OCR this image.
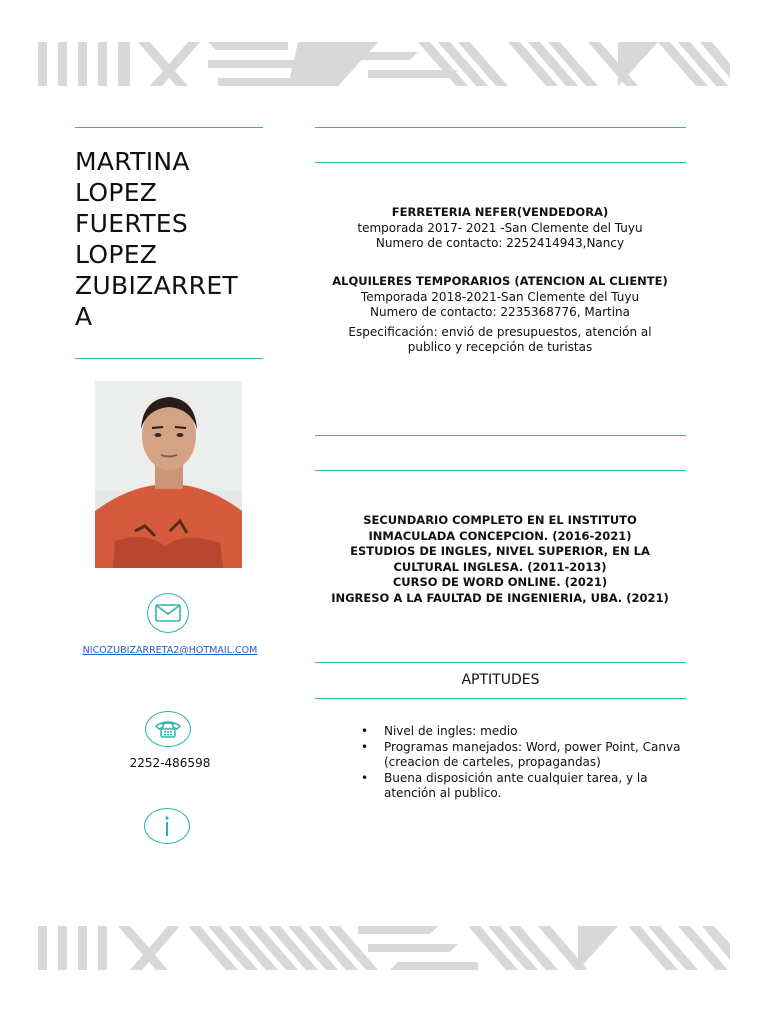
MARTINA
LOPEZ
FUERTES
LOPEZ
ZUBIZARRET
A
NICOZUBIZARRETA2@HOTMAIL.COM
2252-486598
FERRETERIA NEFER(VENDEDORA)
temporada 2017- 2021 -San Clemente del Tuyu
Numero de contacto: 2252414943,Nancy
ALQUILERES TEMPORARIOS (ATENCION AL CLIENTE)
Temporada 2018-2021-San Clemente del Tuyu
Numero de contacto: 2235368776, Martina
Especificación: envió de presupuestos, atención al publico y recepción de turistas
SECUNDARIO COMPLETO EN EL INSTITUTO INMACULADA CONCEPCION. (2016-2021)
ESTUDIOS DE INGLES, NIVEL SUPERIOR, EN LA CULTURAL INGLESA. (2011-2013)
CURSO DE WORD ONLINE. (2021)
INGRESO A LA FAULTAD DE INGENIERIA, UBA. (2021)
APTITUDES
• Nivel de ingles: medio
• Programas manejados: Word, power Point, Canva (creacion de carteles, propagandas)
• Buena disposición ante cualquier tarea, y la atención al publico.
